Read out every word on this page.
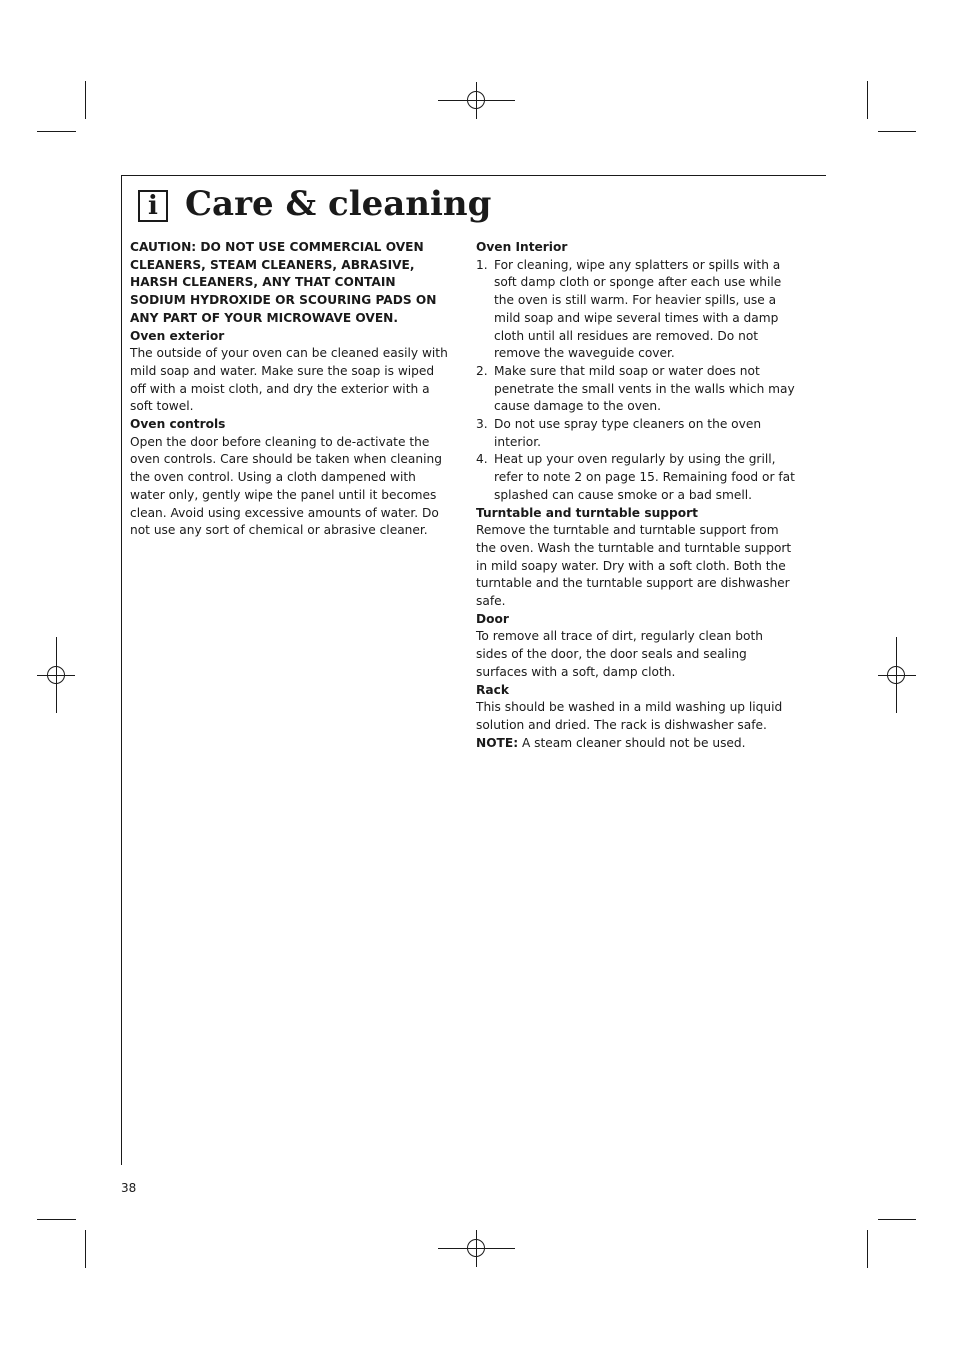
i Care & cleaning

CAUTION: DO NOT USE COMMERCIAL OVEN CLEANERS, STEAM CLEANERS, ABRASIVE, HARSH CLEANERS, ANY THAT CONTAIN SODIUM HYDROXIDE OR SCOURING PADS ON ANY PART OF YOUR MICROWAVE OVEN.

Oven exterior

The outside of your oven can be cleaned easily with mild soap and water. Make sure the soap is wiped off with a moist cloth, and dry the exterior with a soft towel.

Oven controls

Open the door before cleaning to de-activate the oven controls. Care should be taken when cleaning the oven control. Using a cloth dampened with water only, gently wipe the panel until it becomes clean. Avoid using excessive amounts of water. Do not use any sort of chemical or abrasive cleaner.

Oven Interior

1. For cleaning, wipe any splatters or spills with a soft damp cloth or sponge after each use while the oven is still warm. For heavier spills, use a mild soap and wipe several times with a damp cloth until all residues are removed. Do not remove the waveguide cover.
2. Make sure that mild soap or water does not penetrate the small vents in the walls which may cause damage to the oven.
3. Do not use spray type cleaners on the oven interior.
4. Heat up your oven regularly by using the grill, refer to note 2 on page 15. Remaining food or fat splashed can cause smoke or a bad smell.

Turntable and turntable support

Remove the turntable and turntable support from the oven. Wash the turntable and turntable support in mild soapy water. Dry with a soft cloth. Both the turntable and the turntable support are dishwasher safe.

Door

To remove all trace of dirt, regularly clean both sides of the door, the door seals and sealing surfaces with a soft, damp cloth.

Rack

This should be washed in a mild washing up liquid solution and dried. The rack is dishwasher safe.

NOTE: A steam cleaner should not be used.

38
